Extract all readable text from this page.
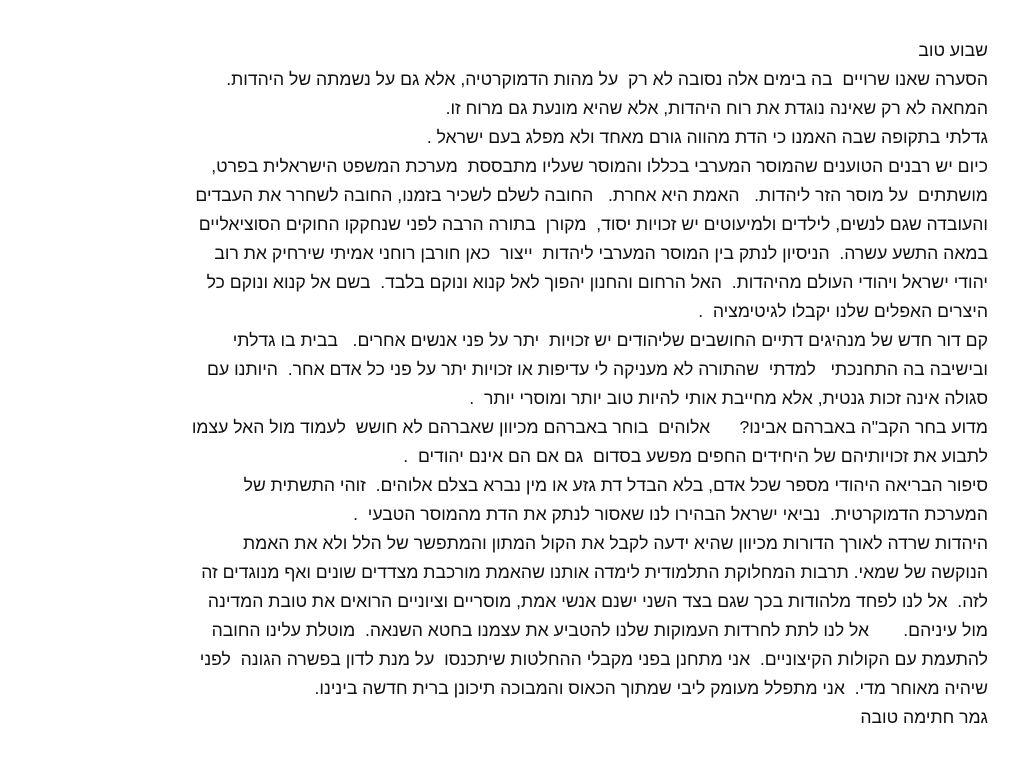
שבוע טוב
הסערה שאנו שרויים  בה בימים אלה נסובה לא רק  על מהות הדמוקרטיה, אלא גם על נשמתה של היהדות.
המחאה לא רק שאינה נוגדת את רוח היהדות, אלא שהיא מונעת גם מרוח זו.
גדלתי בתקופה שבה האמנו כי הדת מהווה גורם מאחד ולא מפלג בעם ישראל .
כיום יש רבנים הטוענים שהמוסר המערבי בכללו והמוסר שעליו מתבססת  מערכת המשפט הישראלית בפרט,
מושתתים  על מוסר הזר ליהדות.   האמת היא אחרת.   החובה לשלם לשכיר בזמנו, החובה לשחרר את העבדים
והעובדה שגם לנשים, לילדים ולמיעוטים יש זכויות יסוד,  מקורן  בתורה הרבה לפני שנחקקו החוקים הסוציאליים
במאה התשע עשרה.  הניסיון לנתק בין המוסר המערבי ליהדות  ייצור  כאן חורבן רוחני אמיתי שירחיק את רוב
יהודי ישראל ויהודי העולם מהיהדות.  האל הרחום והחנון יהפוך לאל קנוא ונוקם בלבד.  בשם אל קנוא ונוקם כל
היצרים האפלים שלנו יקבלו לגיטימציה  .
קם דור חדש של מנהיגים דתיים החושבים שליהודים יש זכויות  יתר על פני אנשים אחרים.   בבית בו גדלתי
ובישיבה בה התחנכתי   למדתי  שהתורה לא מעניקה לי עדיפות או זכויות יתר על פני כל אדם אחר.  היותנו עם
סגולה אינה זכות גנטית, אלא מחייבת אותי להיות טוב יותר ומוסרי יותר  .
מדוע בחר הקב"ה באברהם אבינו?      אלוהים  בוחר באברהם מכיוון שאברהם לא חושש  לעמוד מול האל עצמו
לתבוע את זכויותיהם של היחידים החפים מפשע בסדום  גם אם הם אינם יהודים  .
סיפור הבריאה היהודי מספר שכל אדם, בלא הבדל דת גזע או מין נברא בצלם אלוהים.  זוהי התשתית של
המערכת הדמוקרטית.  נביאי ישראל הבהירו לנו שאסור לנתק את הדת מהמוסר הטבעי  .
היהדות שרדה לאורך הדורות מכיוון שהיא ידעה לקבל את הקול המתון והמתפשר של הלל ולא את האמת
הנוקשה של שמאי. תרבות המחלוקת התלמודית לימדה אותנו שהאמת מורכבת מצדדים שונים ואף מנוגדים זה
לזה.  אל לנו לפחד מלהודות בכך שגם בצד השני ישנם אנשי אמת, מוסריים וציוניים הרואים את טובת המדינה
מול עיניהם.       אל לנו לתת לחרדות העמוקות שלנו להטביע את עצמנו בחטא השנאה.  מוטלת עלינו החובה
להתעמת עם הקולות הקיצוניים.  אני מתחנן בפני מקבלי ההחלטות שיתכנסו  על מנת לדון בפשרה הגונה  לפני
שיהיה מאוחר מדי.  אני מתפלל מעומק ליבי שמתוך הכאוס והמבוכה תיכונן ברית חדשה בינינו.
גמר חתימה טובה
